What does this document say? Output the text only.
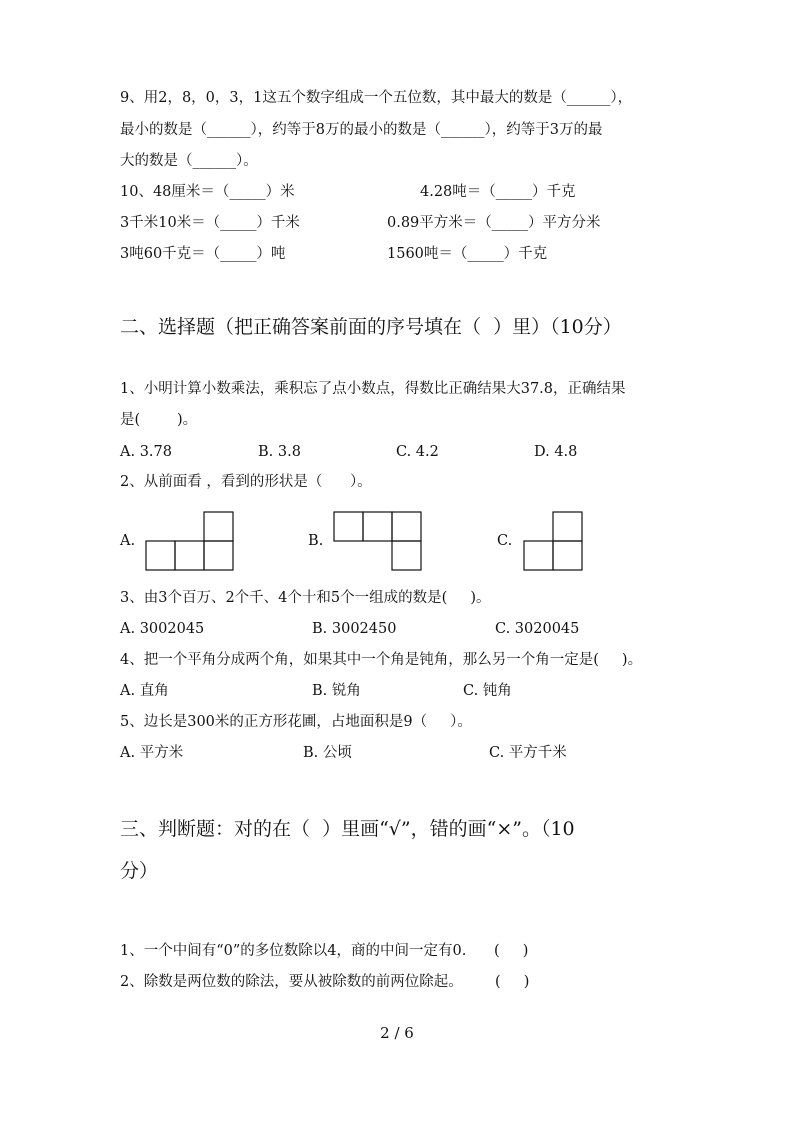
9、用2，8，0，3，1这五个数字组成一个五位数，其中最大的数是（______），
最小的数是（______），约等于8万的最小的数是（______），约等于3万的最
大的数是（______）。
10、48厘米＝（_____）米	4.28吨＝（_____）千克
3千米10米＝（_____）千米	0.89平方米＝（_____）平方分米
3吨60千克＝（_____）吨	1560吨＝（_____）千克
二、选择题（把正确答案前面的序号填在（  ）里）（10分）
1、小明计算小数乘法，乘积忘了点小数点，得数比正确结果大37.8，正确结果
是(        )。
A. 3.78	B. 3.8	C. 4.2	D. 4.8
2、从前面看 ，看到的形状是（      ）。
A.	B.	C.
3、由3个百万、2个千、4个十和5个一组成的数是(     )。
A. 3002045	B. 3002450	C. 3020045
4、把一个平角分成两个角，如果其中一个角是钝角，那么另一个角一定是(     )。
A. 直角	B. 锐角	C. 钝角
5、边长是300米的正方形花圃，占地面积是9（     ）。
A. 平方米	B. 公顷	C. 平方千米
三、判断题：对的在（  ）里画“√”，错的画“×”。（10
分）
1、一个中间有“0”的多位数除以4，商的中间一定有0.      (     )
2、除数是两位数的除法，要从被除数的前两位除起。       (     )
2 / 6
